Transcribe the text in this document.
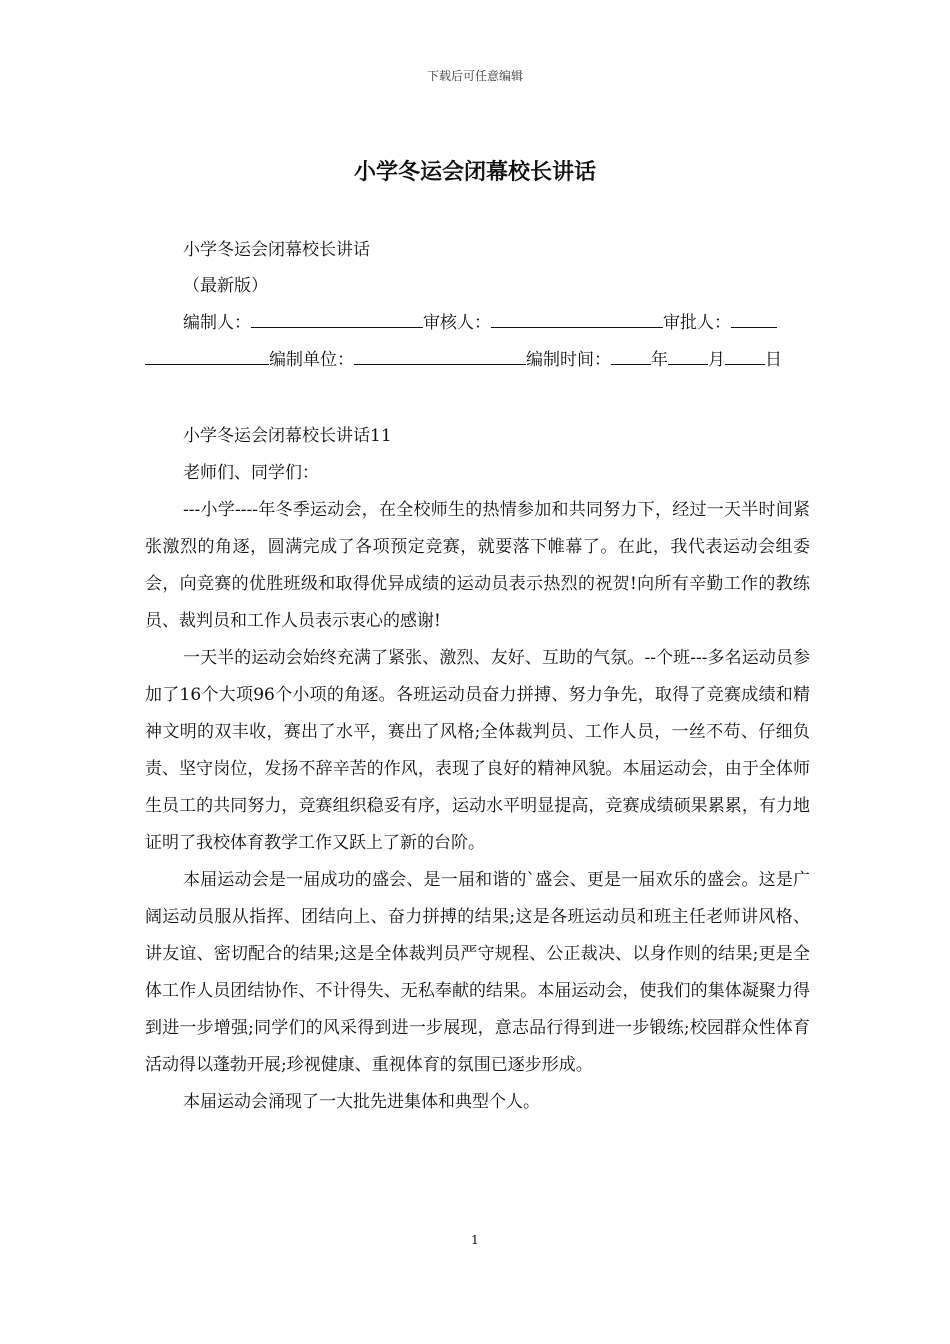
下载后可任意编辑
小学冬运会闭幕校长讲话
小学冬运会闭幕校长讲话
（最新版）
编制人：	审核人：	审批人：
编制单位：	编制时间： 年 月 日
小学冬运会闭幕校长讲话11
老师们、同学们：

---小学----年冬季运动会，在全校师生的热情参加和共同努力下，经过一天半时间紧张激烈的角逐，圆满完成了各项预定竞赛，就要落下帷幕了。在此，我代表运动会组委会，向竞赛的优胜班级和取得优异成绩的运动员表示热烈的祝贺!向所有辛勤工作的教练员、裁判员和工作人员表示衷心的感谢!

一天半的运动会始终充满了紧张、激烈、友好、互助的气氛。--个班---多名运动员参加了16个大项96个小项的角逐。各班运动员奋力拼搏、努力争先，取得了竞赛成绩和精神文明的双丰收，赛出了水平，赛出了风格;全体裁判员、工作人员，一丝不苟、仔细负责、坚守岗位，发扬不辞辛苦的作风，表现了良好的精神风貌。本届运动会，由于全体师生员工的共同努力，竞赛组织稳妥有序，运动水平明显提高，竞赛成绩硕果累累，有力地证明了我校体育教学工作又跃上了新的台阶。

本届运动会是一届成功的盛会、是一届和谐的`盛会、更是一届欢乐的盛会。这是广阔运动员服从指挥、团结向上、奋力拼搏的结果;这是各班运动员和班主任老师讲风格、讲友谊、密切配合的结果;这是全体裁判员严守规程、公正裁决、以身作则的结果;更是全体工作人员团结协作、不计得失、无私奉献的结果。本届运动会，使我们的集体凝聚力得到进一步增强;同学们的风采得到进一步展现，意志品行得到进一步锻练;校园群众性体育活动得以蓬勃开展;珍视健康、重视体育的氛围已逐步形成。

本届运动会涌现了一大批先进集体和典型个人。

1
